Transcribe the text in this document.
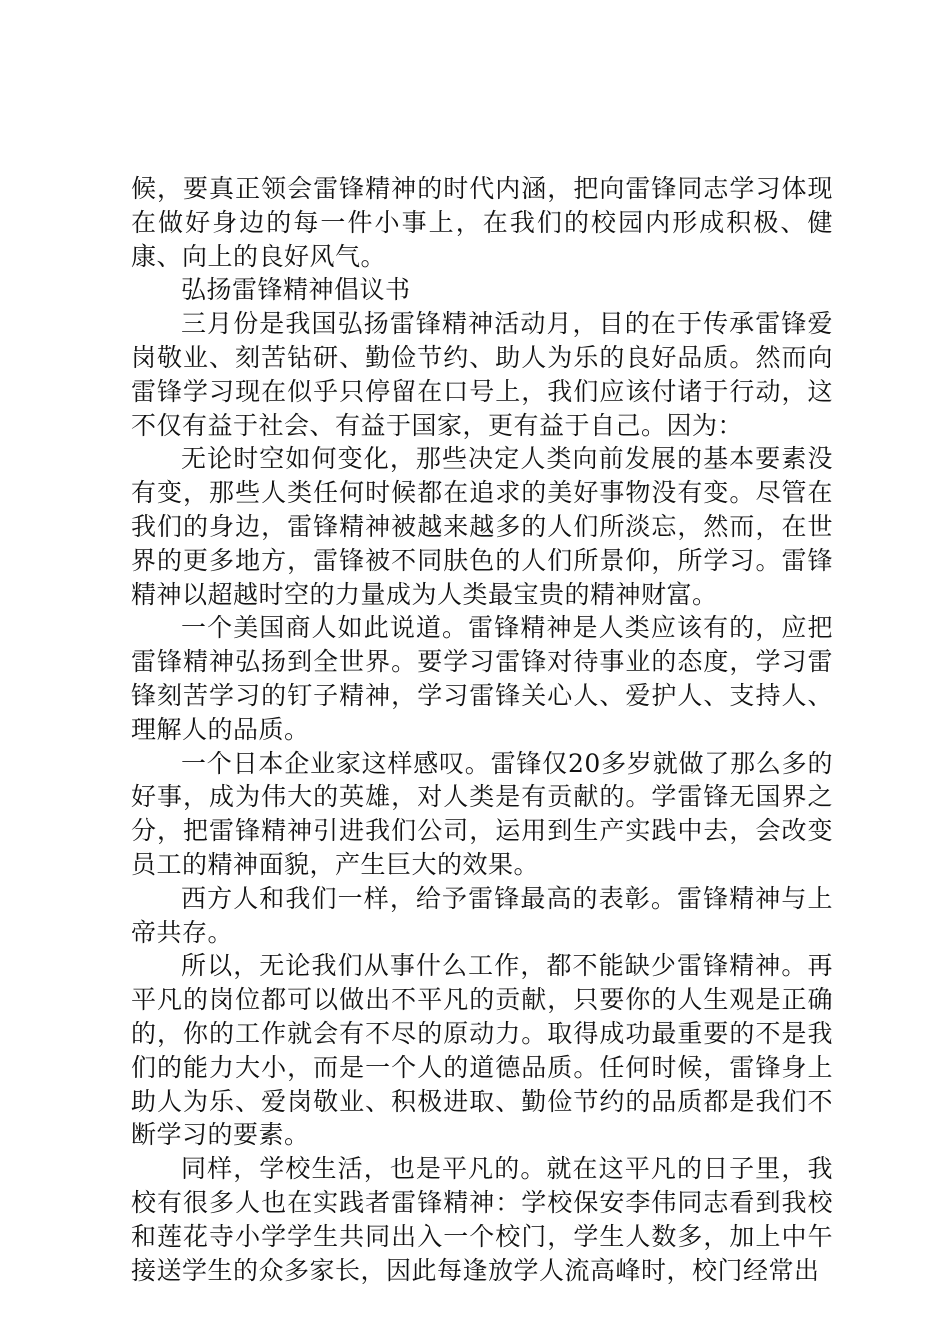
候，要真正领会雷锋精神的时代内涵，把向雷锋同志学习体现在做好身边的每一件小事上，在我们的校园内形成积极、健康、向上的良好风气。

弘扬雷锋精神倡议书

三月份是我国弘扬雷锋精神活动月，目的在于传承雷锋爱岗敬业、刻苦钻研、勤俭节约、助人为乐的良好品质。然而向雷锋学习现在似乎只停留在口号上，我们应该付诸于行动，这不仅有益于社会、有益于国家，更有益于自己。因为：

无论时空如何变化，那些决定人类向前发展的基本要素没有变，那些人类任何时候都在追求的美好事物没有变。尽管在我们的身边，雷锋精神被越来越多的人们所淡忘，然而，在世界的更多地方，雷锋被不同肤色的人们所景仰，所学习。雷锋精神以超越时空的力量成为人类最宝贵的精神财富。

一个美国商人如此说道。雷锋精神是人类应该有的，应把雷锋精神弘扬到全世界。要学习雷锋对待事业的态度，学习雷锋刻苦学习的钉子精神，学习雷锋关心人、爱护人、支持人、理解人的品质。

一个日本企业家这样感叹。雷锋仅20多岁就做了那么多的好事，成为伟大的英雄，对人类是有贡献的。学雷锋无国界之分，把雷锋精神引进我们公司，运用到生产实践中去，会改变员工的精神面貌，产生巨大的效果。

西方人和我们一样，给予雷锋最高的表彰。雷锋精神与上帝共存。

所以，无论我们从事什么工作，都不能缺少雷锋精神。再平凡的岗位都可以做出不平凡的贡献，只要你的人生观是正确的，你的工作就会有不尽的原动力。取得成功最重要的不是我们的能力大小，而是一个人的道德品质。任何时候，雷锋身上助人为乐、爱岗敬业、积极进取、勤俭节约的品质都是我们不断学习的要素。

同样，学校生活，也是平凡的。就在这平凡的日子里，我校有很多人也在实践者雷锋精神：学校保安李伟同志看到我校和莲花寺小学学生共同出入一个校门，学生人数多，加上中午接送学生的众多家长，因此每逢放学人流高峰时，校门经常出
